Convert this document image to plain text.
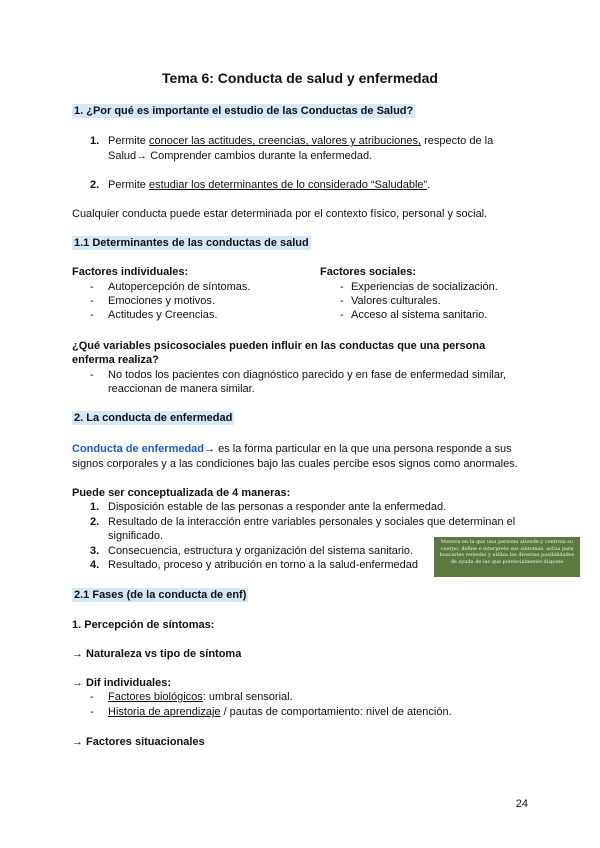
Tema 6: Conducta de salud y enfermedad
1. ¿Por qué es importante el estudio de las Conductas de Salud?
1. Permite conocer las actitudes, creencias, valores y atribuciones, respecto de la
Salud→ Comprender cambios durante la enfermedad.
2. Permite estudiar los determinantes de lo considerado “Saludable”.
Cualquier conducta puede estar determinada por el contexto físico, personal y social.
1.1 Determinantes de las conductas de salud
Factores individuales:
- Autopercepción de síntomas.
- Emociones y motivos.
- Actitudes y Creencias.
Factores sociales:
- Experiencias de socialización.
- Valores culturales.
- Acceso al sistema sanitario.
¿Qué variables psicosociales pueden influir en las conductas que una persona
enferma realiza?
- No todos los pacientes con diagnóstico parecido y en fase de enfermedad similar,
reaccionan de manera similar.
2. La conducta de enfermedad
Conducta de enfermedad→ es la forma particular en la que una persona responde a sus
signos corporales y a las condiciones bajo las cuales percibe esos signos como anormales.
Puede ser conceptualizada de 4 maneras:
1. Disposición estable de las personas a responder ante la enfermedad.
2. Resultado de la interacción entre variables personales y sociales que determinan el
significado.
3. Consecuencia, estructura y organización del sistema sanitario.
4. Resultado, proceso y atribución en torno a la salud-enfermedad
Manera en la que una persona atiende y controla su cuerpo, define e interpreta sus síntomas, actúa para buscarles remedio y utiliza las diversas posibilidades de ayuda de las que potencialmente dispone
2.1 Fases (de la conducta de enf)
1. Percepción de síntomas:
→ Naturaleza vs tipo de síntoma
→ Dif individuales:
- Factores biológicos: umbral sensorial.
- Historia de aprendizaje / pautas de comportamiento: nivel de atención.
→ Factores situacionales
24
